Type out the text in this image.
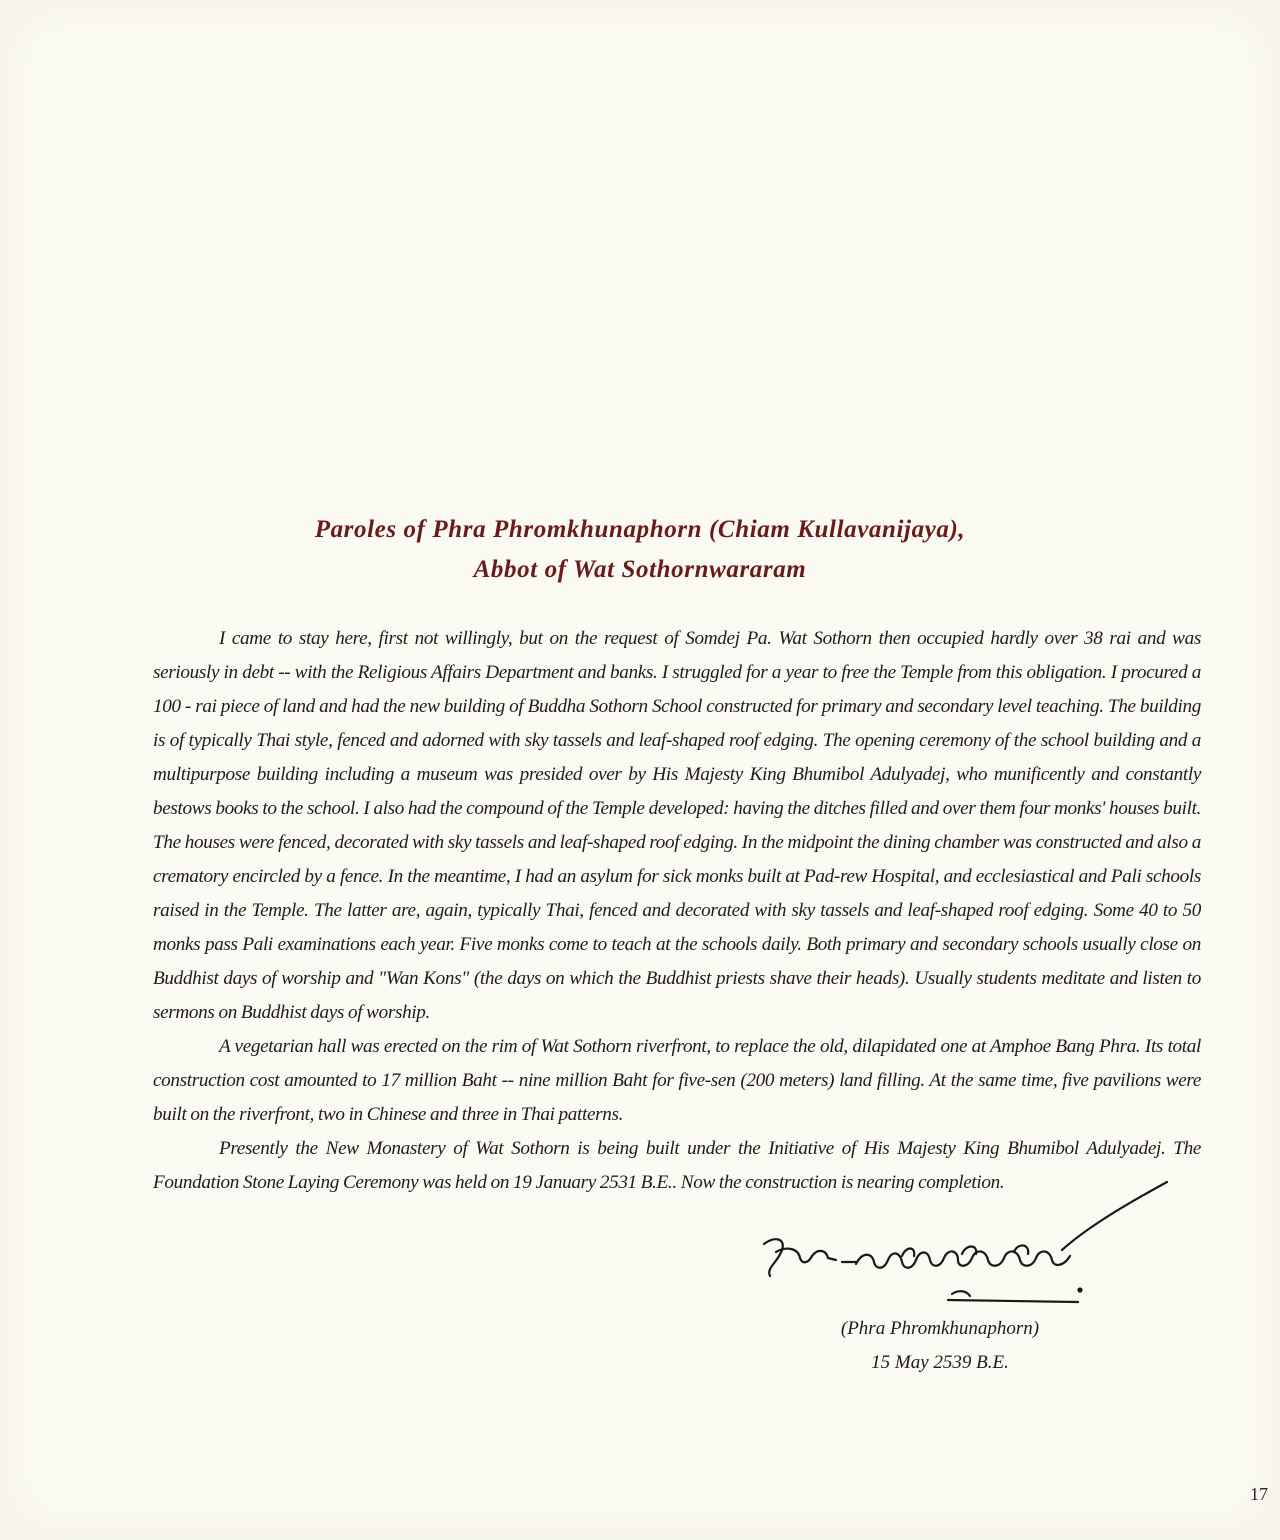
Paroles of Phra Phromkhunaphorn (Chiam Kullavanijaya),
Abbot of Wat Sothornwararam

I came to stay here, first not willingly, but on the request of Somdej Pa. Wat Sothorn then occupied hardly over 38 rai and was seriously in debt -- with the Religious Affairs Department and banks. I struggled for a year to free the Temple from this obligation. I procured a 100 - rai piece of land and had the new building of Buddha Sothorn School constructed for primary and secondary level teaching. The building is of typically Thai style, fenced and adorned with sky tassels and leaf-shaped roof edging. The opening ceremony of the school building and a multipurpose building including a museum was presided over by His Majesty King Bhumibol Adulyadej, who munificently and constantly bestows books to the school. I also had the compound of the Temple developed: having the ditches filled and over them four monks' houses built. The houses were fenced, decorated with sky tassels and leaf-shaped roof edging. In the midpoint the dining chamber was constructed and also a crematory encircled by a fence. In the meantime, I had an asylum for sick monks built at Pad-rew Hospital, and ecclesiastical and Pali schools raised in the Temple. The latter are, again, typically Thai, fenced and decorated with sky tassels and leaf-shaped roof edging. Some 40 to 50 monks pass Pali examinations each year. Five monks come to teach at the schools daily. Both primary and secondary schools usually close on Buddhist days of worship and "Wan Kons" (the days on which the Buddhist priests shave their heads). Usually students meditate and listen to sermons on Buddhist days of worship.

A vegetarian hall was erected on the rim of Wat Sothorn riverfront, to replace the old, dilapidated one at Amphoe Bang Phra. Its total construction cost amounted to 17 million Baht -- nine million Baht for five-sen (200 meters) land filling. At the same time, five pavilions were built on the riverfront, two in Chinese and three in Thai patterns.

Presently the New Monastery of Wat Sothorn is being built under the Initiative of His Majesty King Bhumibol Adulyadej. The Foundation Stone Laying Ceremony was held on 19 January 2531 B.E.. Now the construction is nearing completion.

(Phra Phromkhunaphorn)
15 May 2539 B.E.
17
